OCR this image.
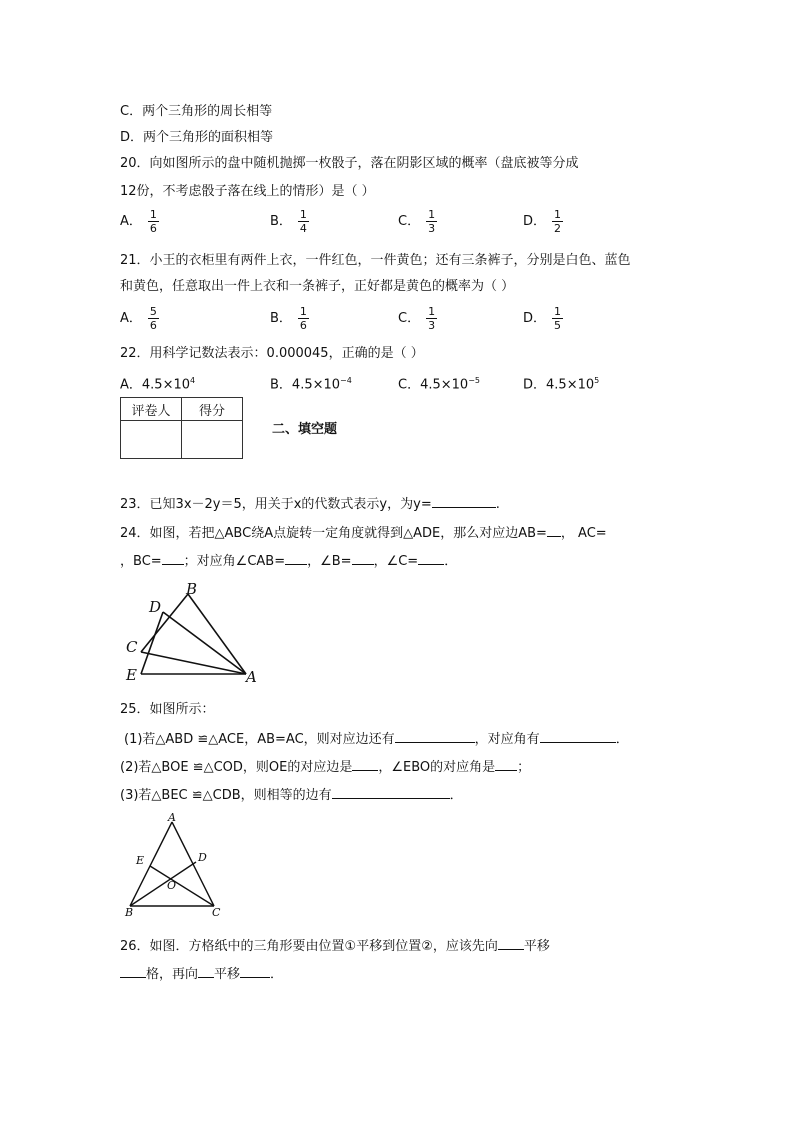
C．两个三角形的周长相等
D．两个三角形的面积相等
20．向如图所示的盘中随机抛掷一枚骰子，落在阴影区域的概率（盘底被等分成
12份，不考虑骰子落在线上的情形）是（ ）
A． $\frac{1}{6}$	B． $\frac{1}{4}$	C． $\frac{1}{3}$	D． $\frac{1}{2}$
21．小王的衣柜里有两件上衣，一件红色，一件黄色；还有三条裤子，分别是白色、蓝色
和黄色，任意取出一件上衣和一条裤子，正好都是黄色的概率为（ ）
A． $\frac{5}{6}$	B． $\frac{1}{6}$	C． $\frac{1}{3}$	D． $\frac{1}{5}$
22．用科学记数法表示：0.000045，正确的是（ ）
A．$4.5\times 10^4$	B．$4.5\times 10^{-4}$	C．$4.5\times 10^{-5}$	D．$4.5\times 10^5$
评卷人	得分

二、填空题
23．已知3x－2y＝5，用关于x的代数式表示y，为y=	.
24．如图，若把△ABC绕A点旋转一定角度就得到△ADE，那么对应边AB= ， AC=
，BC= ；对应角∠CAB= ，∠B= ，∠C= ．
B
D
C
E	A
25．如图所示：
(1)若△ABD ≌△ACE，AB=AC，则对应边还有	，对应角有	．
(2)若△BOE ≌△COD，则OE的对应边是 ，∠EBO的对应角是 ；
(3)若△BEC ≌△CDB，则相等的边有	．
A
E	D
O
B	C
26．如图．方格纸中的三角形要由位置①平移到位置②，应该先向 平移
格，再向 平移 ．
